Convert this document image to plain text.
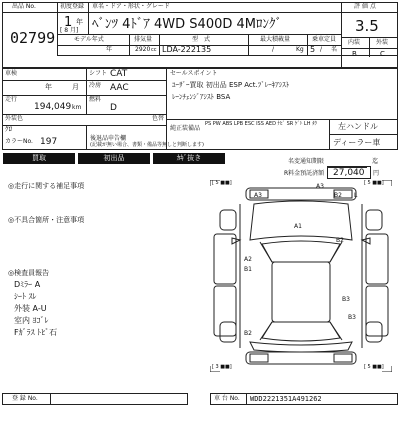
出品 No.
02799
初度登録
1 年
[ 8 月]
車名・ドア・形状・グレード
ﾍﾞﾝﾂ 4ﾄﾞｱ 4WD S400D 4Mﾛﾝｸﾞ
モデル年式
年
排気量
2920 cc
型　式
LDA-222135
最大積載量
/	Kg
乗車定員
5 / 名
評 価 点
3.5
内装	外装
B	C
車検
年	月
走行
194,049 km
シフト CAT
冷房 AAC
燃料
D
外装色	色替
ｸﾛ
カラーNo. 197	後退品申告欄
(記載が無い場合、書類・備品等無しと判断します)
セールスポイント
ﾕｰｻﾞｰ買取 初出品 ESP Act.ﾌﾞﾚｰｷｱｼｽﾄ
ﾚｰﾝﾁｪﾝｼﾞｱｼｽﾄ BSA
純正装備品
PS PW ABS LPB ESC ISS AED ﾅﾋﾞ SR ｹﾞﾄ LH ﾀｸ	左ハンドル
ディーラー車
買取	初出品	ｶｷﾞ抜き	名変通知期限	迄
R料金預託済額 27,040 円
◎走行に関する補足事項
◎不具合箇所・注意事項
◎検査員報告
Dﾐﾗｰ A
ｼｰﾄ ｽﾚ
外装 A-U
室内 ﾖｺﾞﾚ
Fｶﾞﾗｽ ﾄﾋﾞ石
[ 5 ■■]	[ 5 ■■]
[ 3 ■■]	[ 5 ■■]
A3
A3	B2 L
A1
B2
A2
B1
B3
B3
B2
登 録 No.	車 台 No. WDD2221351A491262
